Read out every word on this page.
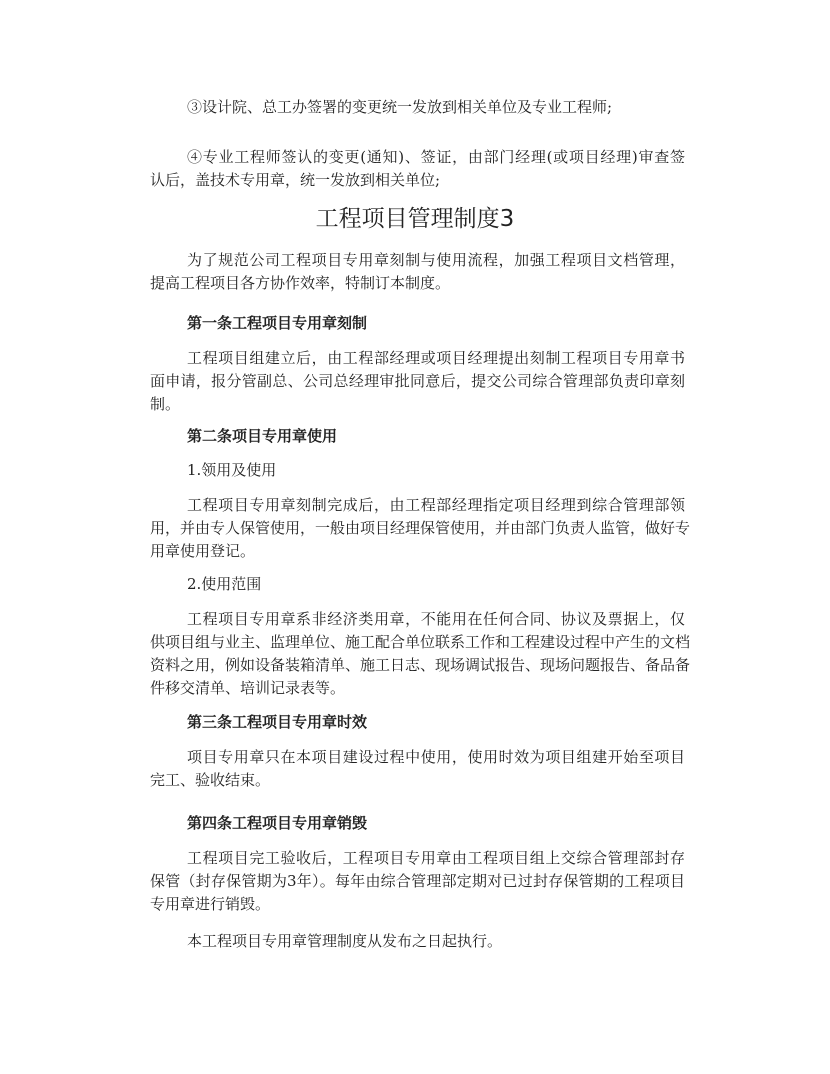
③设计院、总工办签署的变更统一发放到相关单位及专业工程师;
④专业工程师签认的变更(通知)、签证，由部门经理(或项目经理)审查签
认后，盖技术专用章，统一发放到相关单位;
工程项目管理制度3
为了规范公司工程项目专用章刻制与使用流程，加强工程项目文档管理，
提高工程项目各方协作效率，特制订本制度。
第一条工程项目专用章刻制
工程项目组建立后，由工程部经理或项目经理提出刻制工程项目专用章书
面申请，报分管副总、公司总经理审批同意后，提交公司综合管理部负责印章刻
制。
第二条项目专用章使用
1.领用及使用
工程项目专用章刻制完成后，由工程部经理指定项目经理到综合管理部领
用，并由专人保管使用，一般由项目经理保管使用，并由部门负责人监管，做好专
用章使用登记。
2.使用范围
工程项目专用章系非经济类用章，不能用在任何合同、协议及票据上，仅
供项目组与业主、监理单位、施工配合单位联系工作和工程建设过程中产生的文档
资料之用，例如设备装箱清单、施工日志、现场调试报告、现场问题报告、备品备
件移交清单、培训记录表等。
第三条工程项目专用章时效
项目专用章只在本项目建设过程中使用，使用时效为项目组建开始至项目
完工、验收结束。
第四条工程项目专用章销毁
工程项目完工验收后，工程项目专用章由工程项目组上交综合管理部封存
保管（封存保管期为3年）。每年由综合管理部定期对已过封存保管期的工程项目
专用章进行销毁。
本工程项目专用章管理制度从发布之日起执行。
